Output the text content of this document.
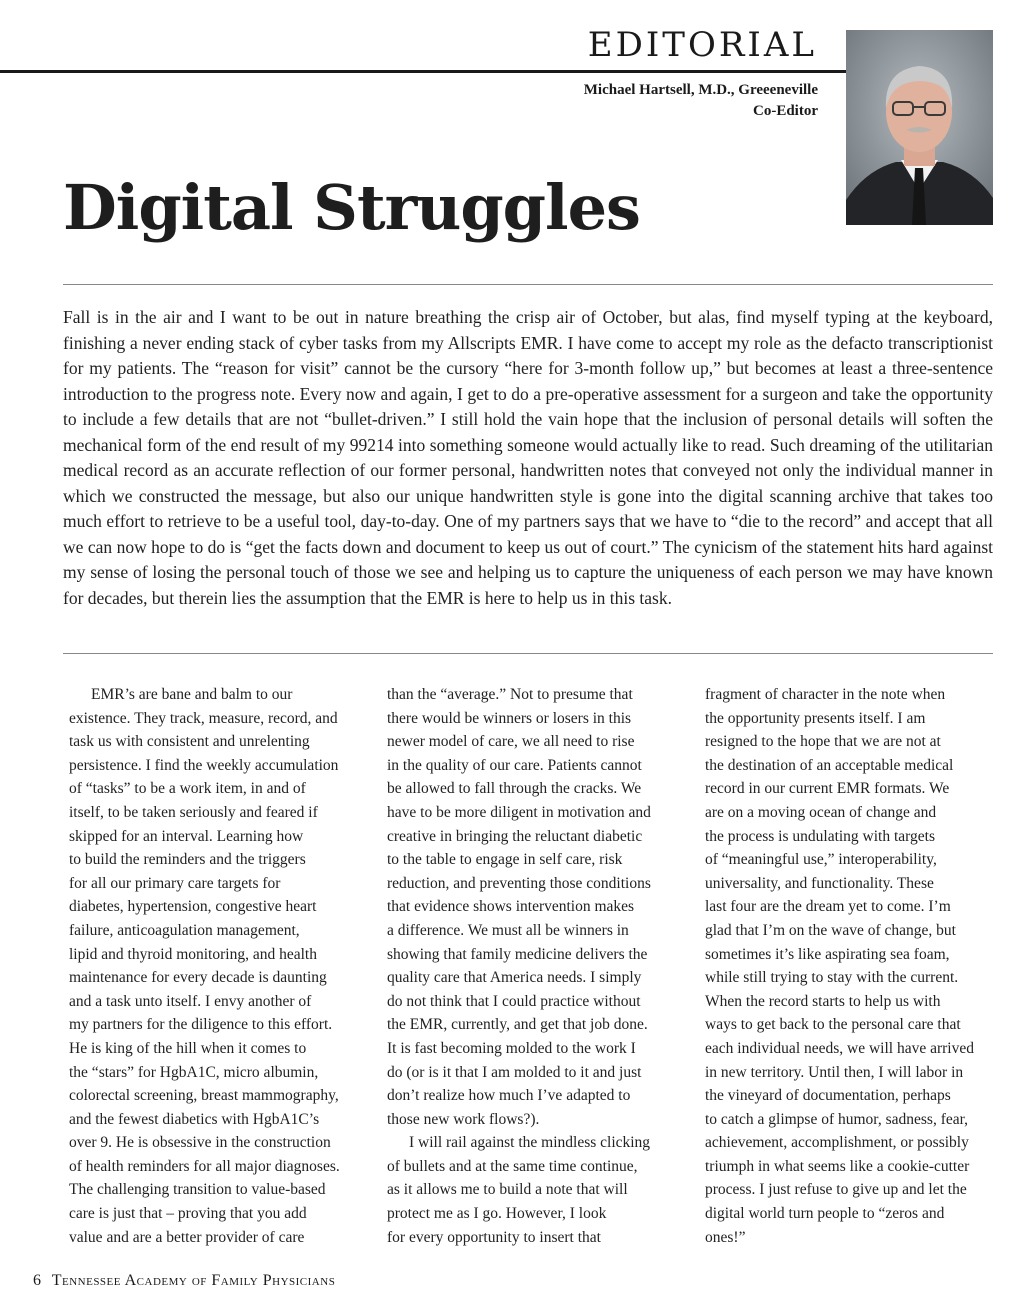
EDITORIAL
Michael Hartsell, M.D., Greeeneville
Co-Editor
Digital Struggles

Fall is in the air and I want to be out in nature breathing the crisp air of October, but alas, find myself typing at the keyboard, finishing a never ending stack of cyber tasks from my Allscripts EMR. I have come to accept my role as the defacto transcriptionist for my patients. The “reason for visit” cannot be the cursory “here for 3-month follow up,” but becomes at least a three-sentence introduction to the progress note. Every now and again, I get to do a pre-operative assessment for a surgeon and take the opportunity to include a few details that are not “bullet-driven.” I still hold the vain hope that the inclusion of personal details will soften the mechanical form of the end result of my 99214 into something someone would actually like to read. Such dreaming of the utilitarian medical record as an accurate reflection of our former personal, handwritten notes that conveyed not only the individual manner in which we constructed the message, but also our unique handwritten style is gone into the digital scanning archive that takes too much effort to retrieve to be a useful tool, day-to-day. One of my partners says that we have to “die to the record” and accept that all we can now hope to do is “get the facts down and document to keep us out of court.” The cynicism of the statement hits hard against my sense of losing the personal touch of those we see and helping us to capture the uniqueness of each person we may have known for decades, but therein lies the assumption that the EMR is here to help us in this task.

EMR’s are bane and balm to our
existence. They track, measure, record, and
task us with consistent and unrelenting
persistence. I find the weekly accumulation
of “tasks” to be a work item, in and of
itself, to be taken seriously and feared if
skipped for an interval. Learning how
to build the reminders and the triggers
for all our primary care targets for
diabetes, hypertension, congestive heart
failure, anticoagulation management,
lipid and thyroid monitoring, and health
maintenance for every decade is daunting
and a task unto itself. I envy another of
my partners for the diligence to this effort.
He is king of the hill when it comes to
the “stars” for HgbA1C, micro albumin,
colorectal screening, breast mammography,
and the fewest diabetics with HgbA1C’s
over 9. He is obsessive in the construction
of health reminders for all major diagnoses.
The challenging transition to value-based
care is just that – proving that you add
value and are a better provider of care
than the “average.” Not to presume that
there would be winners or losers in this
newer model of care, we all need to rise
in the quality of our care. Patients cannot
be allowed to fall through the cracks. We
have to be more diligent in motivation and
creative in bringing the reluctant diabetic
to the table to engage in self care, risk
reduction, and preventing those conditions
that evidence shows intervention makes
a difference. We must all be winners in
showing that family medicine delivers the
quality care that America needs. I simply
do not think that I could practice without
the EMR, currently, and get that job done.
It is fast becoming molded to the work I
do (or is it that I am molded to it and just
don’t realize how much I’ve adapted to
those new work flows?).
I will rail against the mindless clicking
of bullets and at the same time continue,
as it allows me to build a note that will
protect me as I go. However, I look
for every opportunity to insert that
fragment of character in the note when
the opportunity presents itself. I am
resigned to the hope that we are not at
the destination of an acceptable medical
record in our current EMR formats. We
are on a moving ocean of change and
the process is undulating with targets
of “meaningful use,” interoperability,
universality, and functionality. These
last four are the dream yet to come. I’m
glad that I’m on the wave of change, but
sometimes it’s like aspirating sea foam,
while still trying to stay with the current.
When the record starts to help us with
ways to get back to the personal care that
each individual needs, we will have arrived
in new territory. Until then, I will labor in
the vineyard of documentation, perhaps
to catch a glimpse of humor, sadness, fear,
achievement, accomplishment, or possibly
triumph in what seems like a cookie-cutter
process. I just refuse to give up and let the
digital world turn people to “zeros and
ones!”
6 Tennessee Academy of Family Physicians
